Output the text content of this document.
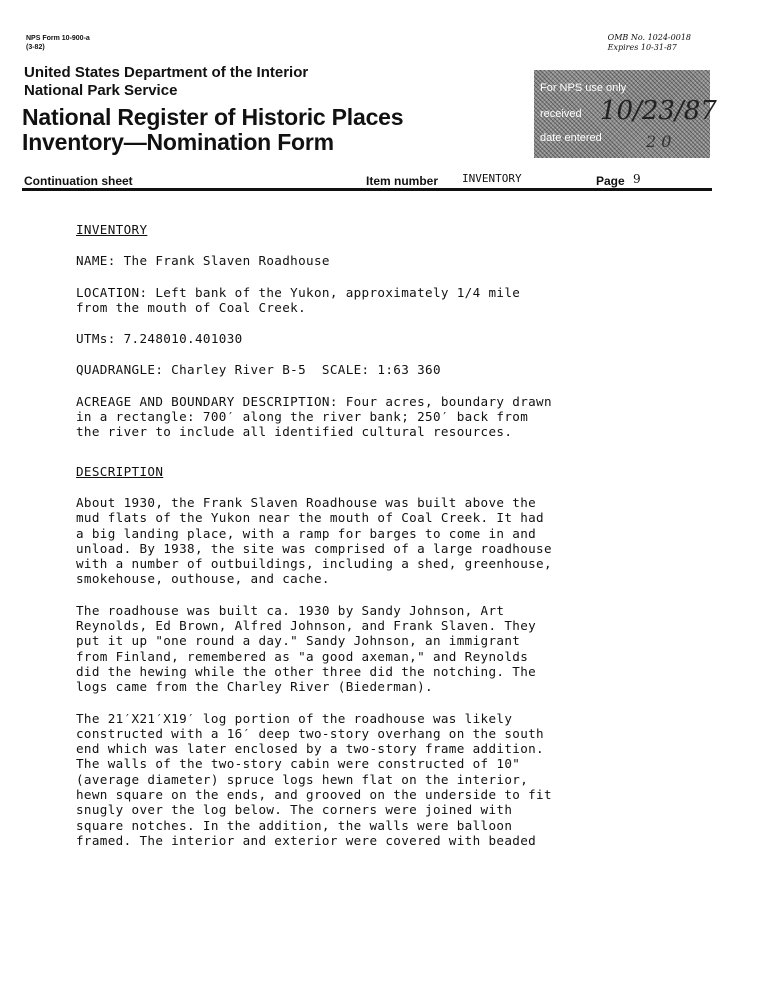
NPS Form 10-900-a
(3-82)
OMB No. 1024-0018
Expires 10-31-87
United States Department of the Interior
National Park Service
National Register of Historic Places
Inventory—Nomination Form
For NPS use only
received
date entered
10/23/87
2 0
Continuation sheet	Item number INVENTORY	Page 9
INVENTORY
NAME: The Frank Slaven Roadhouse
LOCATION: Left bank of the Yukon, approximately 1/4 mile
from the mouth of Coal Creek.
UTMs: 7.248010.401030
QUADRANGLE: Charley River B-5  SCALE: 1:63 360
ACREAGE AND BOUNDARY DESCRIPTION: Four acres, boundary drawn
in a rectangle: 700′ along the river bank; 250′ back from
the river to include all identified cultural resources.
DESCRIPTION
About 1930, the Frank Slaven Roadhouse was built above the
mud flats of the Yukon near the mouth of Coal Creek. It had
a big landing place, with a ramp for barges to come in and
unload. By 1938, the site was comprised of a large roadhouse
with a number of outbuildings, including a shed, greenhouse,
smokehouse, outhouse, and cache.
The roadhouse was built ca. 1930 by Sandy Johnson, Art
Reynolds, Ed Brown, Alfred Johnson, and Frank Slaven. They
put it up "one round a day." Sandy Johnson, an immigrant
from Finland, remembered as "a good axeman," and Reynolds
did the hewing while the other three did the notching. The
logs came from the Charley River (Biederman).
The 21′X21′X19′ log portion of the roadhouse was likely
constructed with a 16′ deep two-story overhang on the south
end which was later enclosed by a two-story frame addition.
The walls of the two-story cabin were constructed of 10"
(average diameter) spruce logs hewn flat on the interior,
hewn square on the ends, and grooved on the underside to fit
snugly over the log below. The corners were joined with
square notches. In the addition, the walls were balloon
framed. The interior and exterior were covered with beaded
